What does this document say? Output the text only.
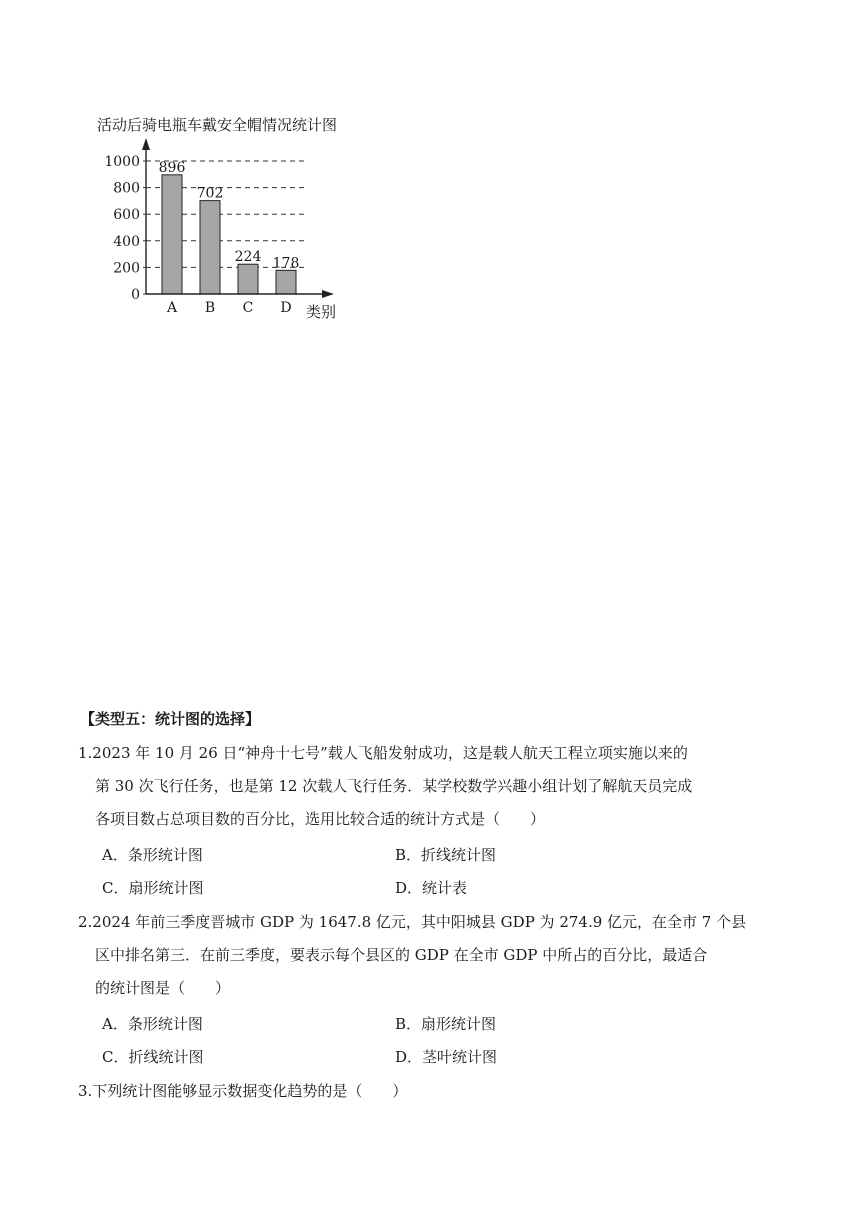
活动后骑电瓶车戴安全帽情况统计图
0
200
400
600
800
1000 896
A
702
B
224
C
178
D 类别
【类型五：统计图的选择】
1.2023 年 10 月 26 日“神舟十七号”载人飞船发射成功，这是载人航天工程立项实施以来的
第 30 次飞行任务，也是第 12 次载人飞行任务．某学校数学兴趣小组计划了解航天员完成
各项目数占总项目数的百分比，选用比较合适的统计方式是（　　）
A．条形统计图	B．折线统计图
C．扇形统计图	D．统计表
2.2024 年前三季度晋城市 GDP 为 1647.8 亿元，其中阳城县 GDP 为 274.9 亿元，在全市 7 个县
区中排名第三．在前三季度，要表示每个县区的 GDP 在全市 GDP 中所占的百分比，最适合
的统计图是（　　）
A．条形统计图	B．扇形统计图
C．折线统计图	D．茎叶统计图
3.下列统计图能够显示数据变化趋势的是（　　）
